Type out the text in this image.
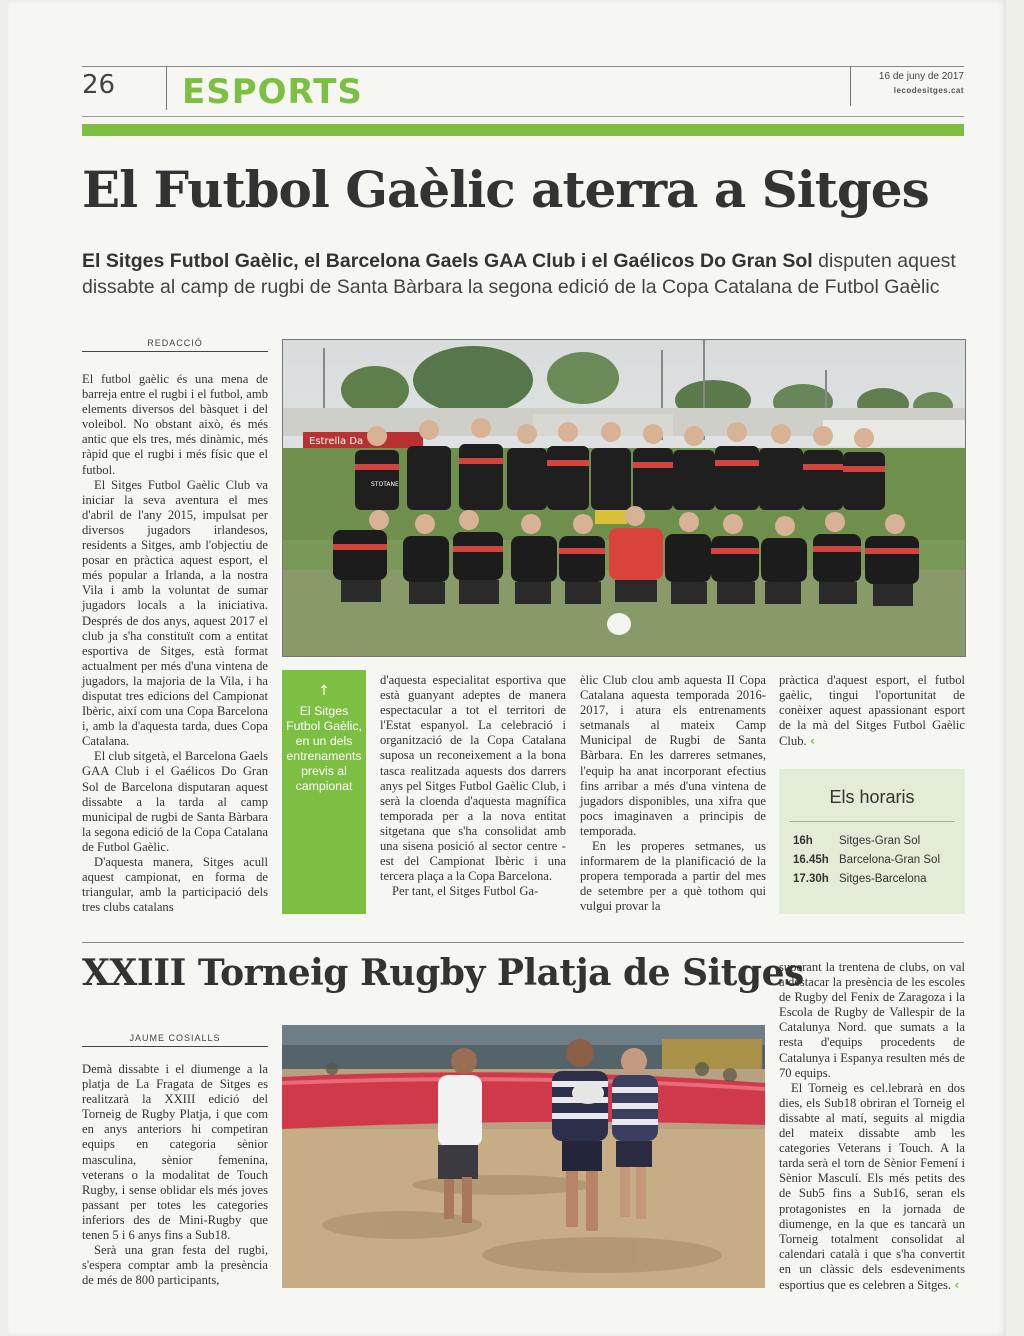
26 ESPORTS	16 de juny de 2017
lecodesitges.cat
El Futbol Gaèlic aterra a Sitges
El Sitges Futbol Gaèlic, el Barcelona Gaels GAA Club i el Gaélicos Do Gran Sol disputen aquest dissabte al camp de rugbi de Santa Bàrbara la segona edició de la Copa Catalana de Futbol Gaèlic
REDACCIÓ

El futbol gaèlic és una mena de barreja entre el rugbi i el futbol, amb elements diversos del bàsquet i del voleibol. No obstant això, és més antic que els tres, més dinàmic, més ràpid que el rugbi i més físic que el futbol.

El Sitges Futbol Gaèlic Club va iniciar la seva aventura el mes d'abril de l'any 2015, impulsat per diversos jugadors irlandesos, residents a Sitges, amb l'objectiu de posar en pràctica aquest esport, el més popular a Irlanda, a la nostra Vila i amb la voluntat de sumar jugadors locals a la iniciativa. Després de dos anys, aquest 2017 el club ja s'ha constituït com a entitat esportiva de Sitges, està format actualment per més d'una vintena de jugadors, la majoria de la Vila, i ha disputat tres edicions del Campionat Ibèric, així com una Copa Barcelona i, amb la d'aquesta tarda, dues Copa Catalana.

El club sitgetà, el Barcelona Gaels GAA Club i el Gaélicos Do Gran Sol de Barcelona disputaran aquest dissabte a la tarda al camp municipal de rugbi de Santa Bàrbara la segona edició de la Copa Catalana de Futbol Gaèlic.

D'aquesta manera, Sitges acull aquest campionat, en forma de triangular, amb la participació dels tres clubs catalans

Estrella Da
STOTANE
↑
El Sitges Futbol Gaèlic, en un dels entrenaments previs al campionat

d'aquesta especialitat esportiva que està guanyant adeptes de manera espectacular a tot el territori de l'Estat espanyol. La celebració i organització de la Copa Catalana suposa un reconeixement a la bona tasca realitzada aquests dos darrers anys pel Sitges Futbol Gaèlic Club, i serà la cloenda d'aquesta magnífica temporada per a la nova entitat sitgetana que s'ha consolidat amb una sisena posició al sector centre - est del Campionat Ibèric i una tercera plaça a la Copa Barcelona.

Per tant, el Sitges Futbol Ga-

èlic Club clou amb aquesta II Copa Catalana aquesta temporada 2016-2017, i atura els entrenaments setmanals al mateix Camp Municipal de Rugbi de Santa Bàrbara. En les darreres setmanes, l'equip ha anat incorporant efectius fins arribar a més d'una vintena de jugadors disponibles, una xifra que pocs imaginaven a principis de temporada.

En les properes setmanes, us informarem de la planificació de la propera temporada a partir del mes de setembre per a què tothom qui vulgui provar la

pràctica d'aquest esport, el futbol gaèlic, tingui l'oportunitat de conèixer aquest apassionant esport de la mà del Sitges Futbol Gaèlic Club. ‹

Els horaris
16h Sitges-Gran Sol
16.45h Barcelona-Gran Sol
17.30h Sitges-Barcelona
XXIII Torneig Rugby Platja de Sitges
JAUME COSIALLS

Demà dissabte i el diumenge a la platja de La Fragata de Sitges es realitzarà la XXIII edició del Torneig de Rugby Platja, i que com en anys anteriors hi competiran equips en categoria sènior masculina, sènior femenina, veterans o la modalitat de Touch Rugby, i sense oblidar els més joves passant per totes les categories inferiors des de Mini-Rugby que tenen 5 i 6 anys fins a Sub18.

Serà una gran festa del rugbi, s'espera comptar amb la presència de més de 800 participants,

superant la trentena de clubs, on val a destacar la presència de les escoles de Rugby del Fenix de Zaragoza i la Escola de Rugby de Vallespir de la Catalunya Nord. que sumats a la resta d'equips procedents de Catalunya i Espanya resulten més de 70 equips.

El Torneig es cel.lebrarà en dos dies, els Sub18 obriran el Torneig el dissabte al matí, seguits al migdia del mateix dissabte amb les categories Veterans i Touch. A la tarda serà el torn de Sènior Femení i Sènior Masculí. Els més petits des de Sub5 fins a Sub16, seran els protagonistes en la jornada de diumenge, en la que es tancarà un Torneig totalment consolidat al calendari català i que s'ha convertit en un clàssic dels esdeveniments esportius que es celebren a Sitges. ‹
